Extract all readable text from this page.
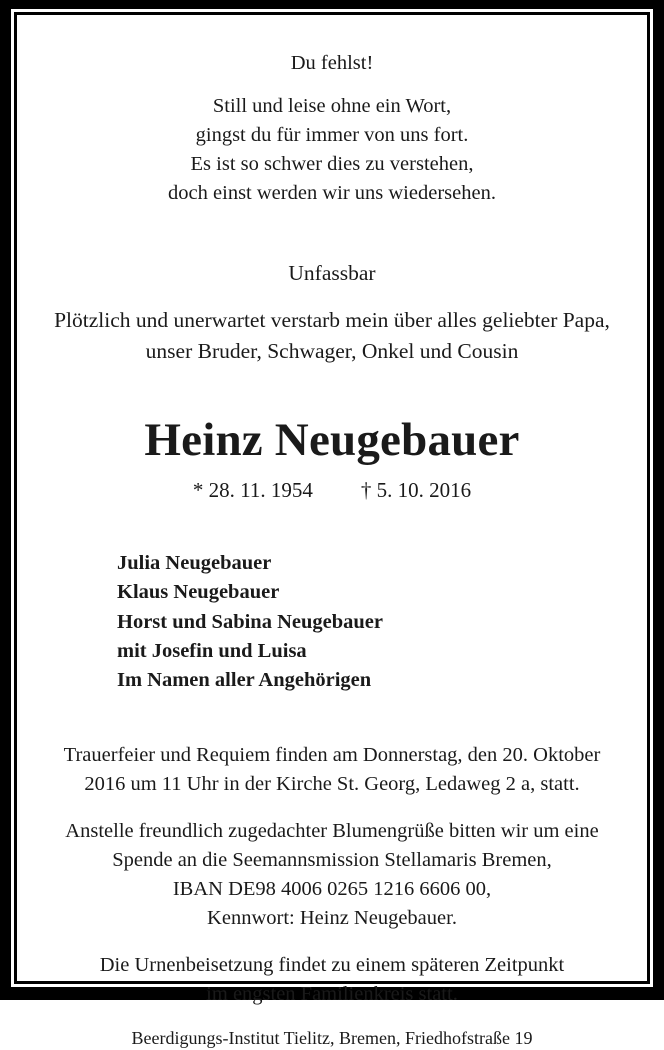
Du fehlst!
Still und leise ohne ein Wort,
gingst du für immer von uns fort.
Es ist so schwer dies zu verstehen,
doch einst werden wir uns wiedersehen.
Unfassbar
Plötzlich und unerwartet verstarb mein über alles geliebter Papa,
unser Bruder, Schwager, Onkel und Cousin
Heinz Neugebauer
* 28. 11. 1954 † 5. 10. 2016
Julia Neugebauer
Klaus Neugebauer
Horst und Sabina Neugebauer
mit Josefin und Luisa
Im Namen aller Angehörigen
Trauerfeier und Requiem finden am Donnerstag, den 20. Oktober
2016 um 11 Uhr in der Kirche St. Georg, Ledaweg 2 a, statt.
Anstelle freundlich zugedachter Blumengrüße bitten wir um eine
Spende an die Seemannsmission Stellamaris Bremen,
IBAN DE98 4006 0265 1216 6606 00,
Kennwort: Heinz Neugebauer.
Die Urnenbeisetzung findet zu einem späteren Zeitpunkt
im engsten Familienkreis statt.
Beerdigungs-Institut Tielitz, Bremen, Friedhofstraße 19
